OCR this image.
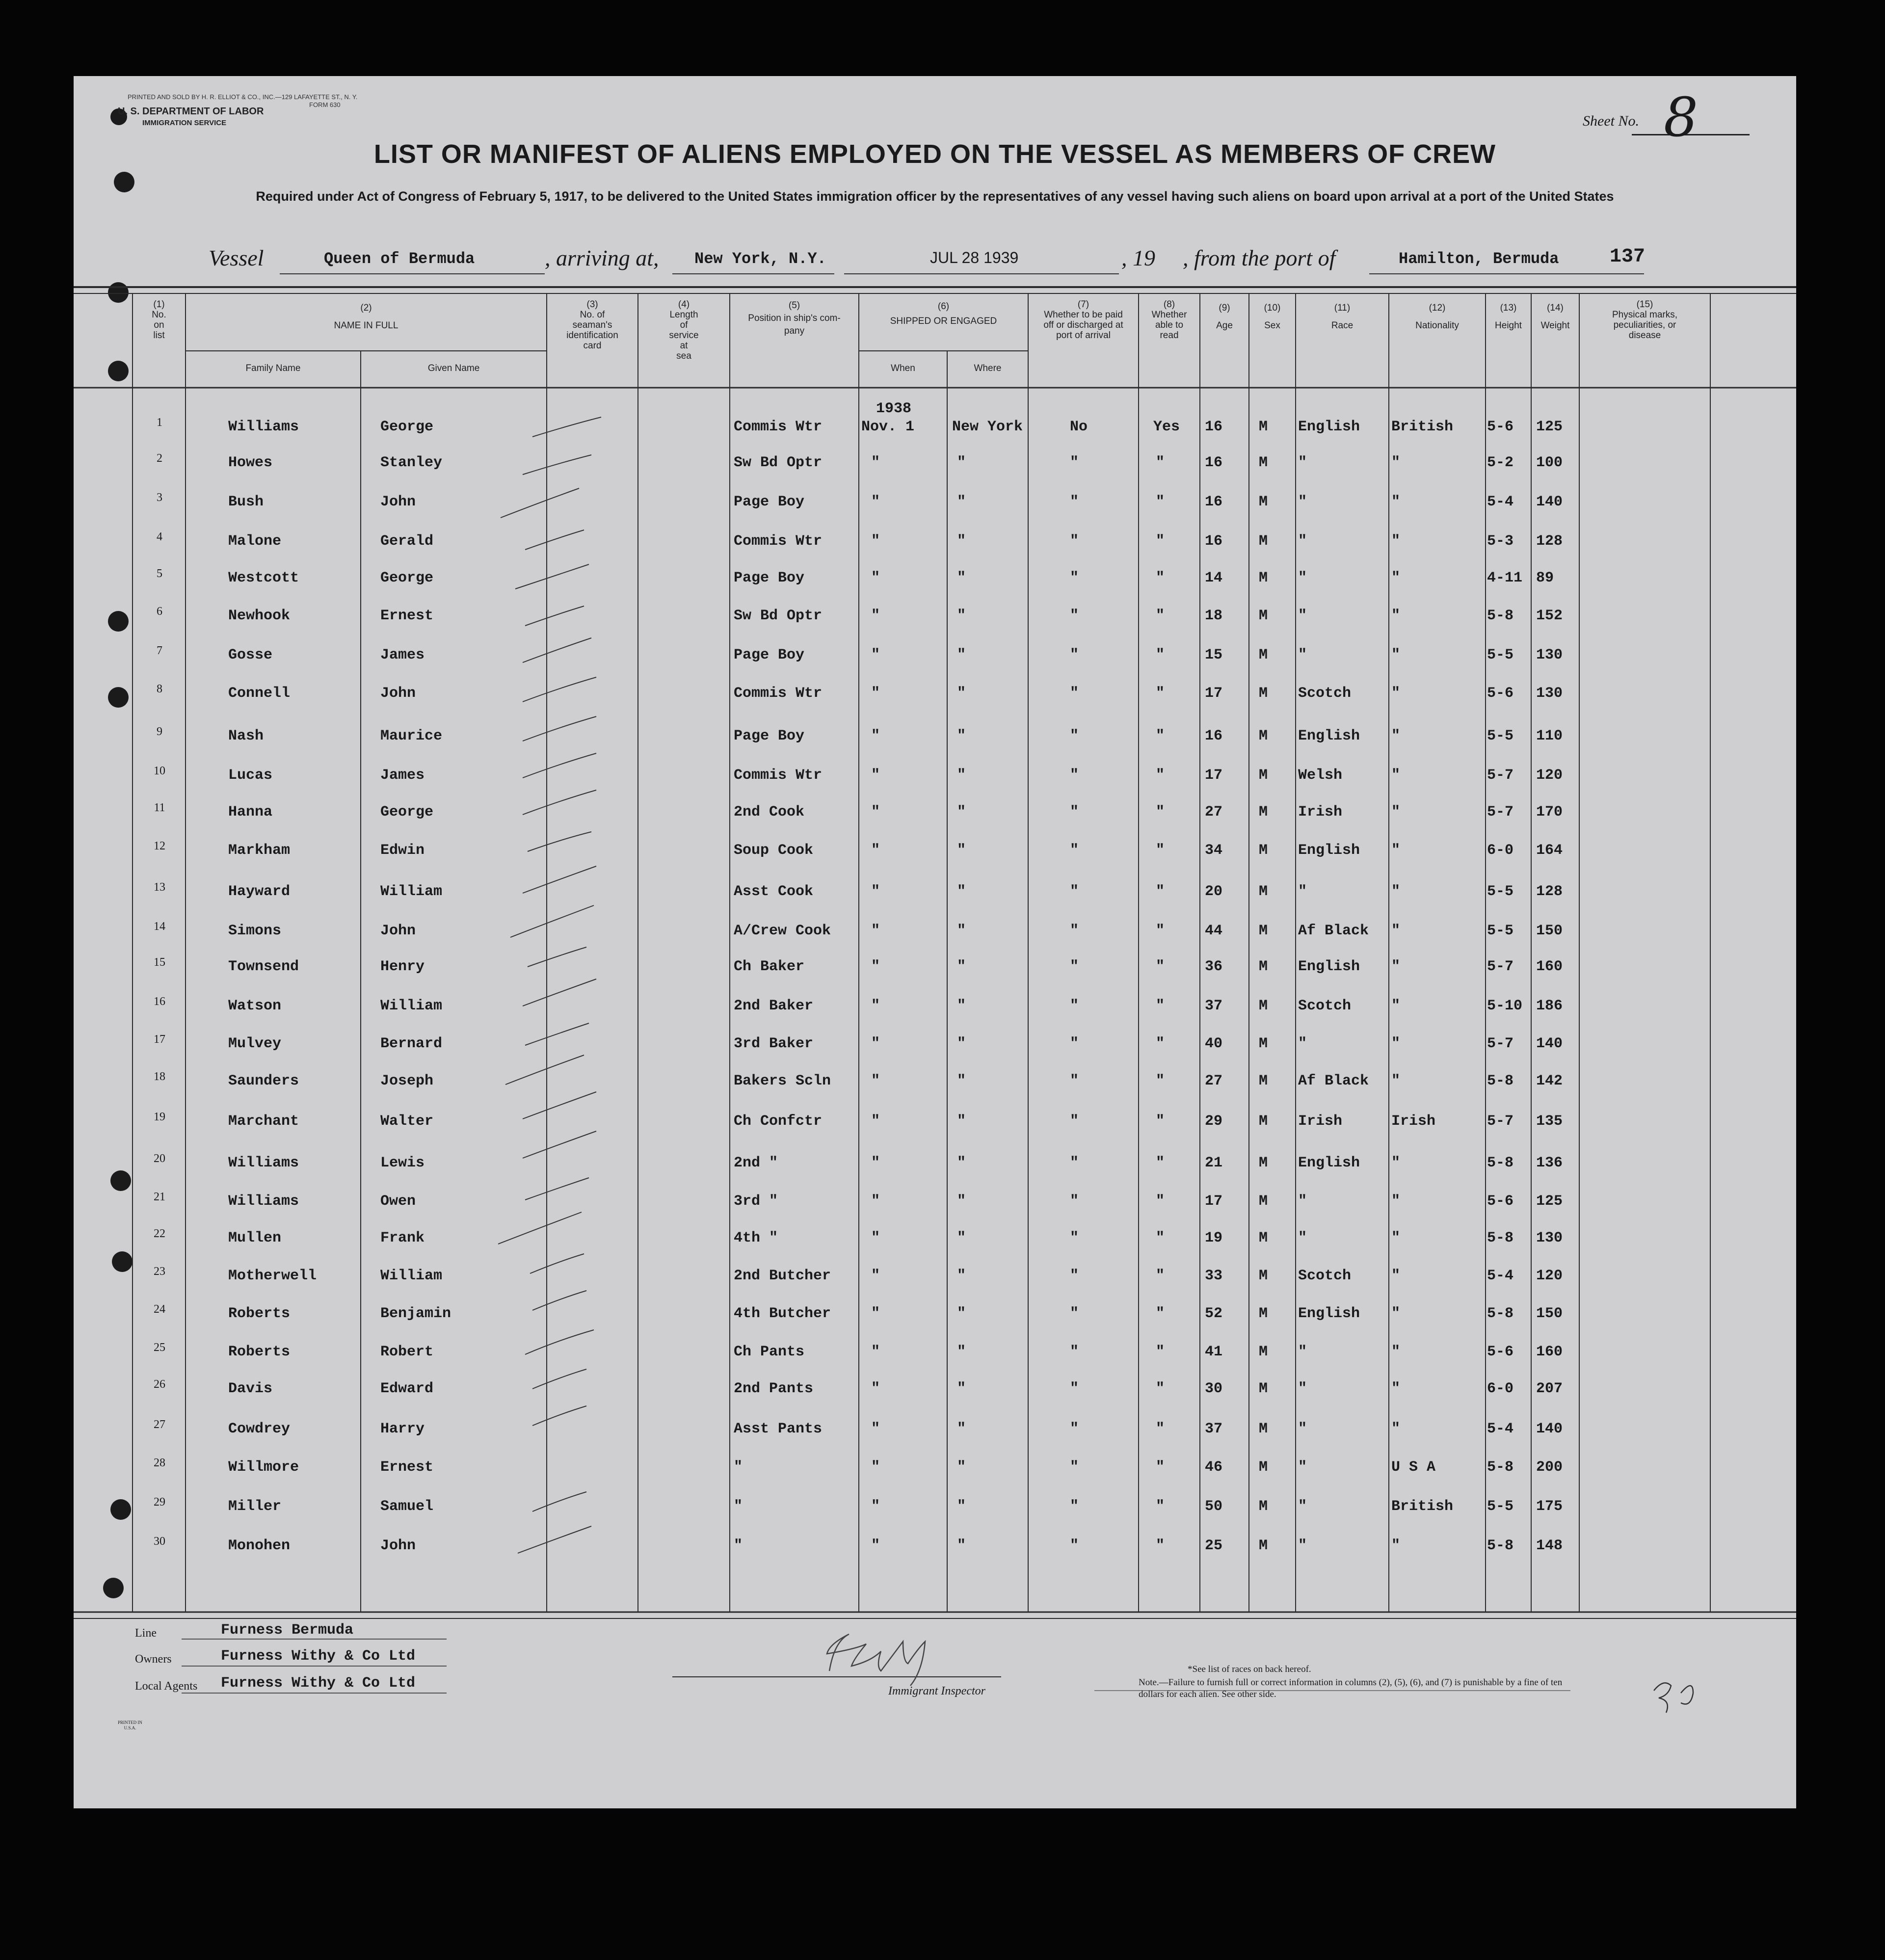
PRINTED AND SOLD BY H. R. ELLIOT & CO., INC.—129 LAFAYETTE ST., N. Y.
FORM 630
U. S. DEPARTMENT OF LABOR
IMMIGRATION SERVICE	Sheet No. 8
LIST OR MANIFEST OF ALIENS EMPLOYED ON THE VESSEL AS MEMBERS OF CREW
Required under Act of Congress of February 5, 1917, to be delivered to the United States immigration officer by the representatives of any vessel having such aliens on board upon arrival at a port of the United States
Vessel	Queen of Bermuda	, arriving at, New York, N.Y.	JUL 28 1939	, 19 , from the port of	Hamilton, Bermuda	137
(1)
No.
on
list
(2)
NAME IN FULL
Family Name	Given Name
(3)
No. of
seaman's
identification
card
(4)
Length
of
service
at
sea
(5)
Position in ship's com-
pany
(6)
SHIPPED OR ENGAGED
When	Where
(7)
Whether to be paid
off or discharged at
port of arrival
(8)
Whether
able to
read
(9)
Age
(10)
Sex
(11)
Race
(12)
Nationality
(13)
Height
(14)
Weight
(15)
Physical marks,
peculiarities, or
disease
1938
1	Williams	George	Commis Wtr	Nov. 1	New York	No	Yes 16 M English British 5-6 125
2	Howes	Stanley	Sw Bd Optr	"	"	"	"	16 M "	"	5-2 100
3	Bush	John	Page Boy	"	"	"	"	16 M "	"	5-4 140
4	Malone	Gerald	Commis Wtr	"	"	"	"	16 M "	"	5-3 128
5	Westcott	George	Page Boy	"	"	"	"	14 M "	"	4-11 89
6	Newhook	Ernest	Sw Bd Optr	"	"	"	"	18 M "	"	5-8 152
7	Gosse	James	Page Boy	"	"	"	"	15 M "	"	5-5 130
8	Connell	John	Commis Wtr	"	"	"	"	17 M Scotch	"	5-6 130
9	Nash	Maurice	Page Boy	"	"	"	"	16 M English "	5-5 110
10	Lucas	James	Commis Wtr	"	"	"	"	17 M Welsh	"	5-7 120
11	Hanna	George	2nd Cook	"	"	"	"	27 M Irish	"	5-7 170
12	Markham	Edwin	Soup Cook	"	"	"	"	34 M English "	6-0 164
13	Hayward	William	Asst Cook	"	"	"	"	20 M "	"	5-5 128
14	Simons	John	A/Crew Cook	"	"	"	"	44 M Af Black "	5-5 150
15	Townsend	Henry	Ch Baker	"	"	"	"	36 M English "	5-7 160
16	Watson	William	2nd Baker	"	"	"	"	37 M Scotch	"	5-10 186
17	Mulvey	Bernard	3rd Baker	"	"	"	"	40 M "	"	5-7 140
18	Saunders	Joseph	Bakers Scln	"	"	"	"	27 M Af Black "	5-8 142
19	Marchant	Walter	Ch Confctr	"	"	"	"	29 M Irish	Irish	5-7 135
20	Williams	Lewis	2nd "	"	"	"	"	21 M English "	5-8 136
21	Williams	Owen	3rd "	"	"	"	"	17 M "	"	5-6 125
22	Mullen	Frank	4th "	"	"	"	"	19 M "	"	5-8 130
23	Motherwell	William	2nd Butcher	"	"	"	"	33 M Scotch	"	5-4 120
24	Roberts	Benjamin	4th Butcher	"	"	"	"	52 M English "	5-8 150
25	Roberts	Robert	Ch Pants	"	"	"	"	41 M "	"	5-6 160
26	Davis	Edward	2nd Pants	"	"	"	"	30 M "	"	6-0 207
27	Cowdrey	Harry	Asst Pants	"	"	"	"	37 M "	"	5-4 140
28	Willmore	Ernest	"	"	"	"	"	46 M "	U S A	5-8 200
29	Miller	Samuel	"	"	"	"	"	50 M "	British 5-5 175
30	Monohen	John	"	"	"	"	"	25 M "	"	5-8 148
Line	Furness Bermuda
Owners	Furness Withy & Co Ltd
Local Agents Furness Withy & Co Ltd	Immigrant Inspector
*See list of races on back hereof.
Note.—Failure to furnish full or correct information in columns (2), (5), (6), and (7) is punishable by a fine of ten dollars for each alien. See other side.
PRINTED IN U.S.A.
